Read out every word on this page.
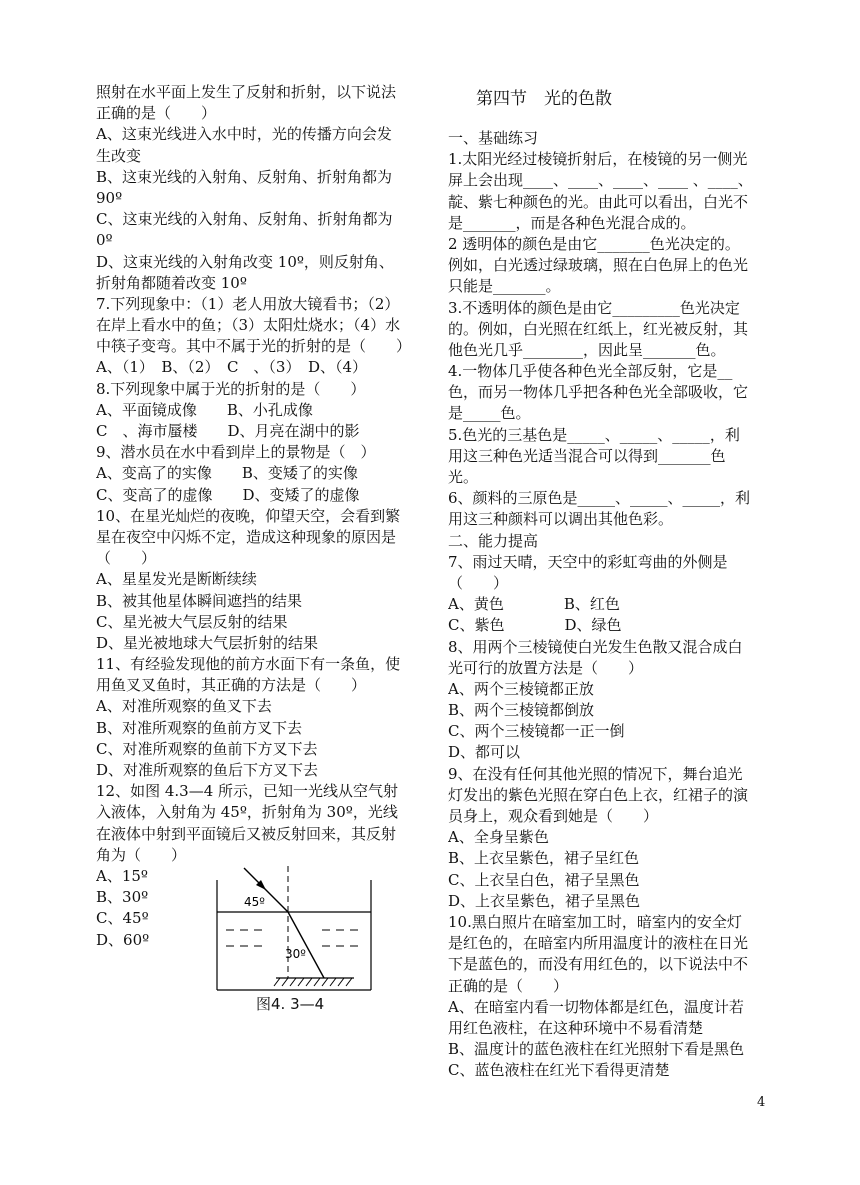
照射在水平面上发生了反射和折射，以下说法
正确的是（　　）
A、这束光线进入水中时，光的传播方向会发
生改变
B、这束光线的入射角、反射角、折射角都为
90º
C、这束光线的入射角、反射角、折射角都为
0º
D、这束光线的入射角改变 10º，则反射角、
折射角都随着改变 10º
7.下列现象中：（1）老人用放大镜看书；（2）
在岸上看水中的鱼；（3）太阳灶烧水；（4）水
中筷子变弯。其中不属于光的折射的是（　　）
A、（1）　B、（2）　C　、（3）　D、（4）
8.下列现象中属于光的折射的是（　　）
A、平面镜成像　　B、小孔成像
C　、海市蜃楼　　D、月亮在湖中的影
9、潜水员在水中看到岸上的景物是（　）
A、变高了的实像　　B、变矮了的实像
C、变高了的虚像　　D、变矮了的虚像
10、在星光灿烂的夜晚，仰望天空，会看到繁
星在夜空中闪烁不定，造成这种现象的原因是
（　　）
A、星星发光是断断续续
B、被其他星体瞬间遮挡的结果
C、星光被大气层反射的结果
D、星光被地球大气层折射的结果
11、有经验发现他的前方水面下有一条鱼，使
用鱼叉叉鱼时，其正确的方法是（　　）
A、对准所观察的鱼叉下去
B、对准所观察的鱼前方叉下去
C、对准所观察的鱼前下方叉下去
D、对准所观察的鱼后下方叉下去
12、如图 4.3—4 所示，已知一光线从空气射
入液体，入射角为 45º，折射角为 30º，光线
在液体中射到平面镜后又被反射回来，其反射
角为（　　）
A、15º
B、30º
C、45º
D、60º
45º
30º
图4. 3—4
第四节　光的色散
一、基础练习
1.太阳光经过棱镜折射后，在棱镜的另一侧光
屏上会出现____、____、____、____ 、____、
靛、紫七种颜色的光。由此可以看出，白光不
是_______，而是各种色光混合成的。
2 透明体的颜色是由它_______色光决定的。
例如，白光透过绿玻璃，照在白色屏上的色光
只能是_______。
3.不透明体的颜色是由它_________色光决定
的。例如，白光照在红纸上，红光被反射，其
他色光几乎________，因此呈_______色。
4.一物体几乎使各种色光全部反射，它是__
色，而另一物体几乎把各种色光全部吸收，它
是_____色。
5.色光的三基色是_____、_____、_____，利
用这三种色光适当混合可以得到_______色
光。
6、颜料的三原色是_____、_____、_____，利
用这三种颜料可以调出其他色彩。
二、能力提高
7、雨过天晴，天空中的彩虹弯曲的外侧是
（　　）
A、黄色　　　　B、红色
C、紫色　　　　D、绿色
8、用两个三棱镜使白光发生色散又混合成白
光可行的放置方法是（　　）
A、两个三棱镜都正放
B、两个三棱镜都倒放
C、两个三棱镜都一正一倒
D、都可以
9、在没有任何其他光照的情况下，舞台追光
灯发出的紫色光照在穿白色上衣，红裙子的演
员身上，观众看到她是（　　）
A、全身呈紫色
B、上衣呈紫色，裙子呈红色
C、上衣呈白色，裙子呈黑色
D、上衣呈紫色，裙子呈黑色
10.黑白照片在暗室加工时，暗室内的安全灯
是红色的，在暗室内所用温度计的液柱在日光
下是蓝色的，而没有用红色的，以下说法中不
正确的是（　　）
A、在暗室内看一切物体都是红色，温度计若
用红色液柱，在这种环境中不易看清楚
B、温度计的蓝色液柱在红光照射下看是黑色
C、蓝色液柱在红光下看得更清楚
4
